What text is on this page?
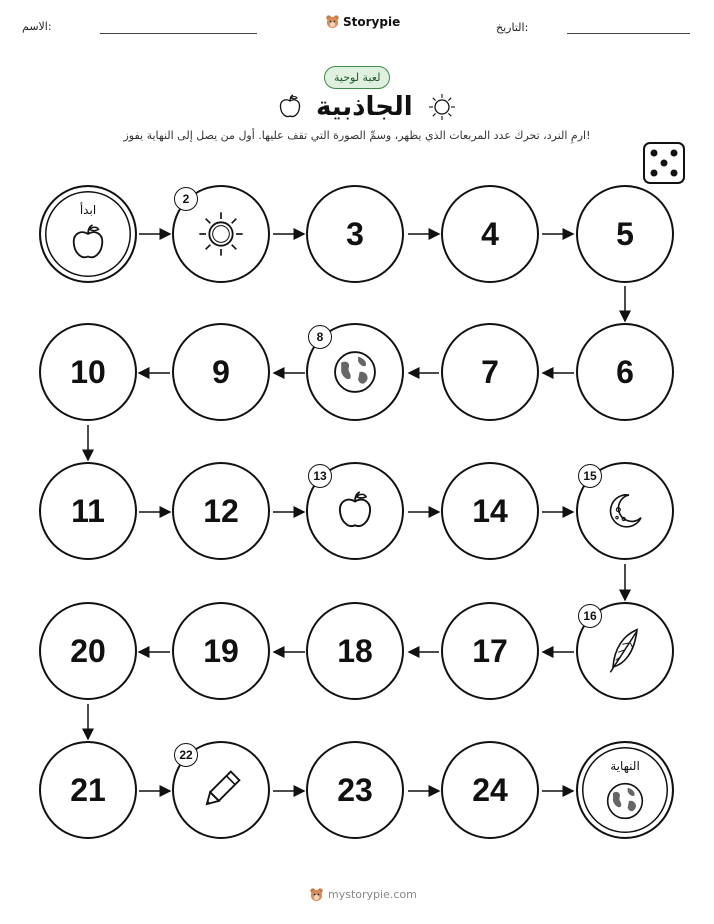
الاسم:	Storypie	التاريخ:
لعبة لوحية
الجاذبية
ارمِ النرد، تحرك عدد المربعات الذي يظهر، وسمِّ الصورة التي تقف عليها. أول من يصل إلى النهاية يفوز!
ابدأ
2
3	4	5
6
7
8
9
10
11	12
13
14
15
16
17
18
19
20
21
22
23	24
النهاية
mystorypie.com
